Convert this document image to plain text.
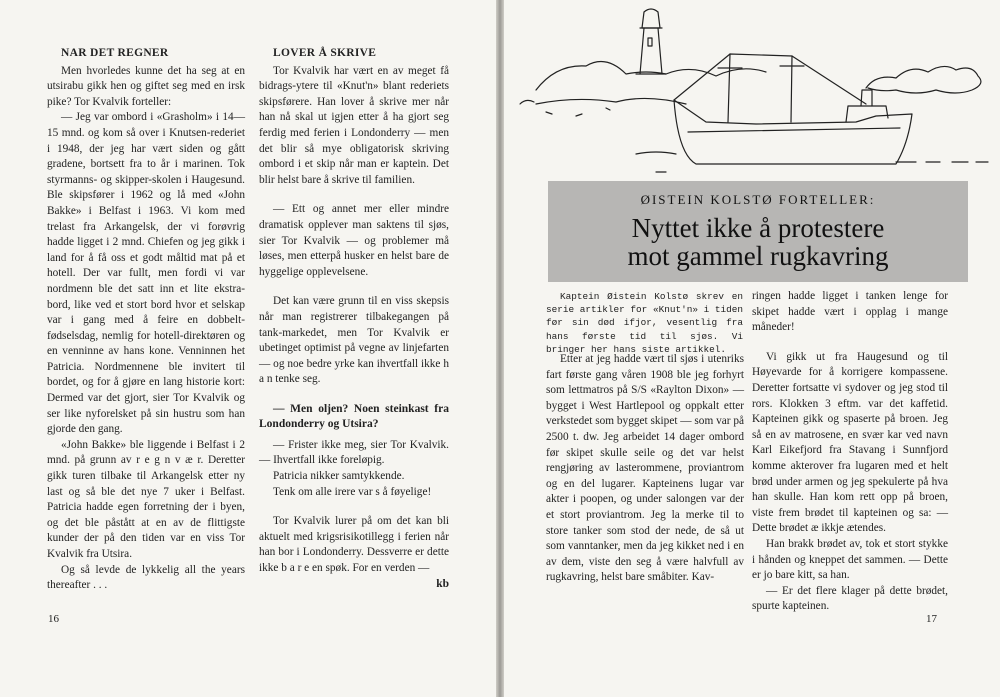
NAR DET REGNER

Men hvorledes kunne det ha seg at en utsirabu gikk hen og giftet seg med en irsk pike? Tor Kvalvik forteller:

— Jeg var ombord i «Grasholm» i 14— 15 mnd. og kom så over i Knutsen-rederiet i 1948, der jeg har vært siden og gått gradene, bortsett fra to år i marinen. Tok styrmanns- og skipper-skolen i Haugesund. Ble skipsfører i 1962 og lå med «John Bakke» i Belfast i 1963. Vi kom med trelast fra Arkangelsk, der vi forøvrig hadde ligget i 2 mnd. Chiefen og jeg gikk i land for å få oss et godt måltid mat på et hotell. Der var fullt, men fordi vi var nordmenn ble det satt inn et lite ekstra-bord, like ved et stort bord hvor et selskap var i gang med å feire en dobbelt-fødselsdag, nemlig for hotell-direktøren og en venninne av hans kone. Venninnen het Patricia. Nordmennene ble invitert til bordet, og for å gjøre en lang historie kort: Dermed var det gjort, sier Tor Kvalvik og ser like nyforelsket på sin hustru som han gjorde den gang.

«John Bakke» ble liggende i Belfast i 2 mnd. på grunn av r e g n v æ r. Deretter gikk turen tilbake til Arkangelsk etter ny last og så ble det nye 7 uker i Belfast. Patricia hadde egen forretning der i byen, og det ble påstått at en av de flittigste kunder der på den tiden var en viss Tor Kvalvik fra Utsira.

Og så levde de lykkelig all the years thereafter . . .

LOVER Å SKRIVE

Tor Kvalvik har vært en av meget få bidrags-ytere til «Knut'n» blant rederiets skipsførere. Han lover å skrive mer når han nå skal ut igjen etter å ha gjort seg ferdig med ferien i Londonderry — men det blir så mye obligatorisk skriving ombord i et skip når man er kaptein. Det blir helst bare å skrive til familien.

— Ett og annet mer eller mindre dramatisk opplever man saktens til sjøs, sier Tor Kvalvik — og problemer må løses, men etterpå husker en helst bare de hyggelige opplevelsene.

Det kan være grunn til en viss skepsis når man registrerer tilbakegangen på tank-markedet, men Tor Kvalvik er ubetinget optimist på vegne av linjefarten — og noe bedre yrke kan ihvertfall ikke h a n tenke seg.

— Men oljen? Noen steinkast fra Londonderry og Utsira?

— Frister ikke meg, sier Tor Kvalvik. — Ihvertfall ikke foreløpig.

Patricia nikker samtykkende.

Tenk om alle irere var s å føyelige!

Tor Kvalvik lurer på om det kan bli aktuelt med krigsrisikotillegg i ferien når han bor i Londonderry. Dessverre er dette ikke b a r e en spøk. For en verden —

kb
16
ØISTEIN KOLSTØ FORTELLER:
Nyttet ikke å protestere
mot gammel rugkavring

Kaptein Øistein Kolstø skrev en serie artikler for «Knut'n» i tiden før sin død ifjor, vesentlig fra hans første tid til sjøs. Vi bringer her hans siste artikkel.

Etter at jeg hadde vært til sjøs i utenriks fart første gang våren 1908 ble jeg forhyrt som lettmatros på S/S «Raylton Dixon» — bygget i West Hartlepool og oppkalt etter verkstedet som bygget skipet — som var på 2500 t. dw. Jeg arbeidet 14 dager ombord før skipet skulle seile og det var helst rengjøring av lasterommene, proviantrom og en del lugarer. Kapteinens lugar var akter i poopen, og under salongen var der et stort proviantrom. Jeg la merke til to store tanker som stod der nede, de så ut som vanntanker, men da jeg kikket ned i en av dem, viste den seg å være halvfull av rugkavring, helst bare småbiter. Kav-

ringen hadde ligget i tanken lenge for skipet hadde vært i opplag i mange måneder!

Vi gikk ut fra Haugesund og til Høyevarde for å korrigere kompassene. Deretter fortsatte vi sydover og jeg stod til rors. Klokken 3 eftm. var det kaffetid. Kapteinen gikk og spaserte på broen. Jeg så en av matrosene, en svær kar ved navn Karl Eikefjord fra Stavang i Sunnfjord komme akterover fra lugaren med et helt brød under armen og jeg spekulerte på hva han skulle. Han kom rett opp på broen, viste frem brødet til kapteinen og sa: — Dette brødet æ ikkje ætendes.

Han brakk brødet av, tok et stort stykke i hånden og kneppet det sammen. — Dette er jo bare kitt, sa han.

— Er det flere klager på dette brødet, spurte kapteinen.

17
